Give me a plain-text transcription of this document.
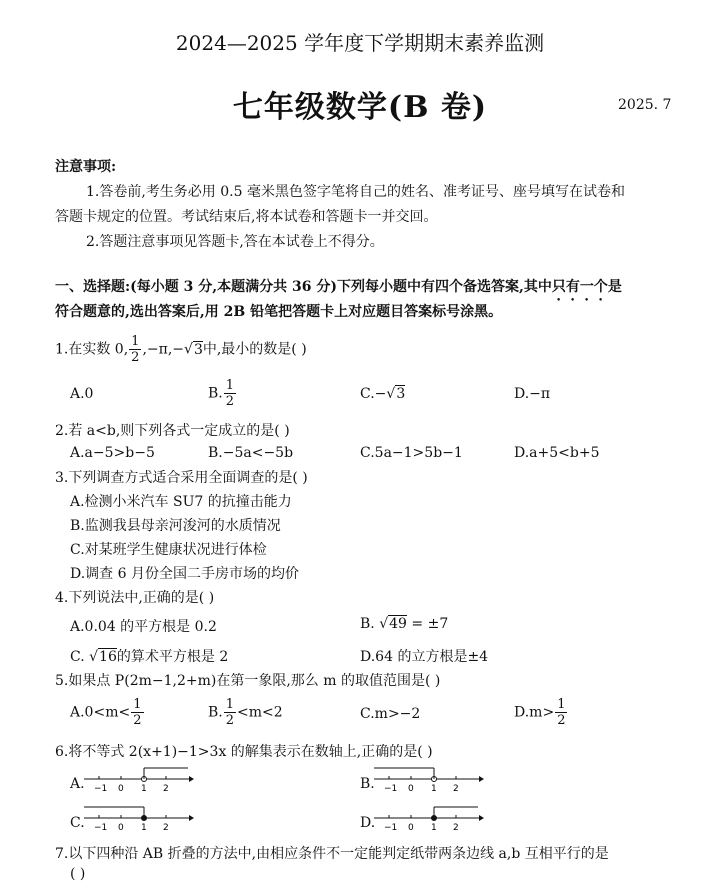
2024—2025 学年度下学期期末素养监测
七年级数学(B 卷)	2025. 7
注意事项:
1.答卷前,考生务必用 0.5 毫米黑色签字笔将自己的姓名、准考证号、座号填写在试卷和
答题卡规定的位置。考试结束后,将本试卷和答题卡一并交回。
2.答题注意事项见答题卡,答在本试卷上不得分。
一、选择题:(每小题 3 分,本题满分共 36 分)下列每小题中有四个备选答案,其中只有一个是
符合题意的,选出答案后,用 2B 铅笔把答题卡上对应题目答案标号涂黑。
1.在实数 0, $\frac{1}{2} ,-\pi,-√3$中,最小的数是( )
A.0	B. $\frac{1}{2}$	C.−√3	D.−π
2.若 a<b,则下列各式一定成立的是( )
A.a−5>b−5	B.−5a<−5b	C.5a−1>5b−1	D.a+5<b+5
3.下列调查方式适合采用全面调查的是( )
A.检测小米汽车 SU7 的抗撞击能力
B.监测我县母亲河浚河的水质情况
C.对某班学生健康状况进行体检
D.调查 6 月份全国二手房市场的均价
4.下列说法中,正确的是( )
A.0.04 的平方根是 0.2	B. √49 = ±7
C. √16的算术平方根是 2	D.64 的立方根是±4
5.如果点 P(2m−1,2+m)在第一象限,那么 m 的取值范围是( )
$A.0<m< \frac{1}{2}$	B. $\frac{1}{2} <m<2$	C.m>−2	$D.m> \frac{1}{2}$
6.将不等式 2(x+1)−1>3x 的解集表示在数轴上,正确的是( )
A. −1 0 1 2	B. −1 0 1 2
C. −1 0 1 2	D. −1 0 1 2
7.以下四种沿 AB 折叠的方法中,由相应条件不一定能判定纸带两条边线 a,b 互相平行的是
( )
